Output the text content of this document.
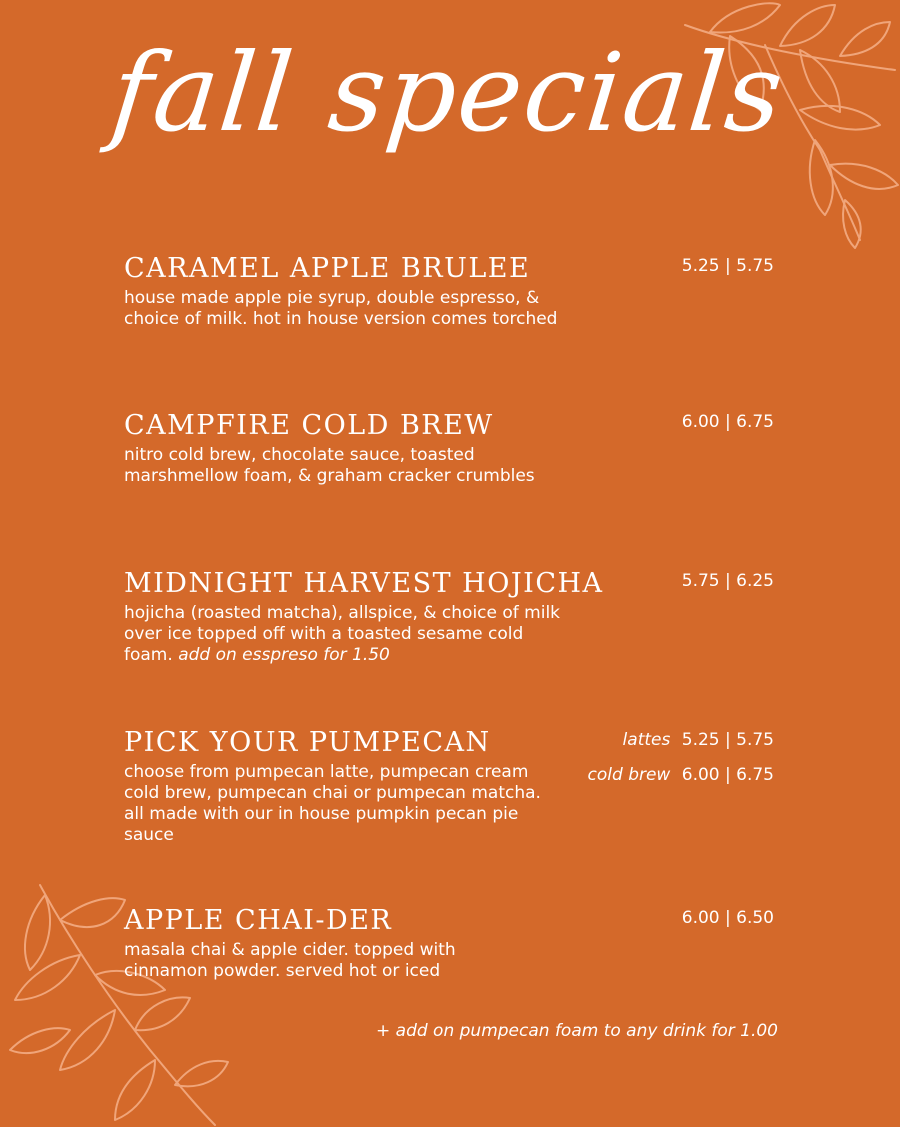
fall specials
CARAMEL APPLE BRULEE
house made apple pie syrup, double espresso, & choice of milk. hot in house version comes torched
5.25 | 5.75
CAMPFIRE COLD BREW
nitro cold brew, chocolate sauce, toasted marshmellow foam, & graham cracker crumbles
6.00 | 6.75
MIDNIGHT HARVEST HOJICHA
hojicha (roasted matcha), allspice, & choice of milk over ice topped off with a toasted sesame cold foam. add on esspreso for 1.50
5.75 | 6.25
PICK YOUR PUMPECAN
choose from pumpecan latte, pumpecan cream cold brew, pumpecan chai or pumpecan matcha. all made with our in house pumpkin pecan pie sauce
lattes 5.25 | 5.75
cold brew 6.00 | 6.75
APPLE CHAI-DER
masala chai & apple cider. topped with cinnamon powder. served hot or iced
6.00 | 6.50
+ add on pumpecan foam to any drink for 1.00
